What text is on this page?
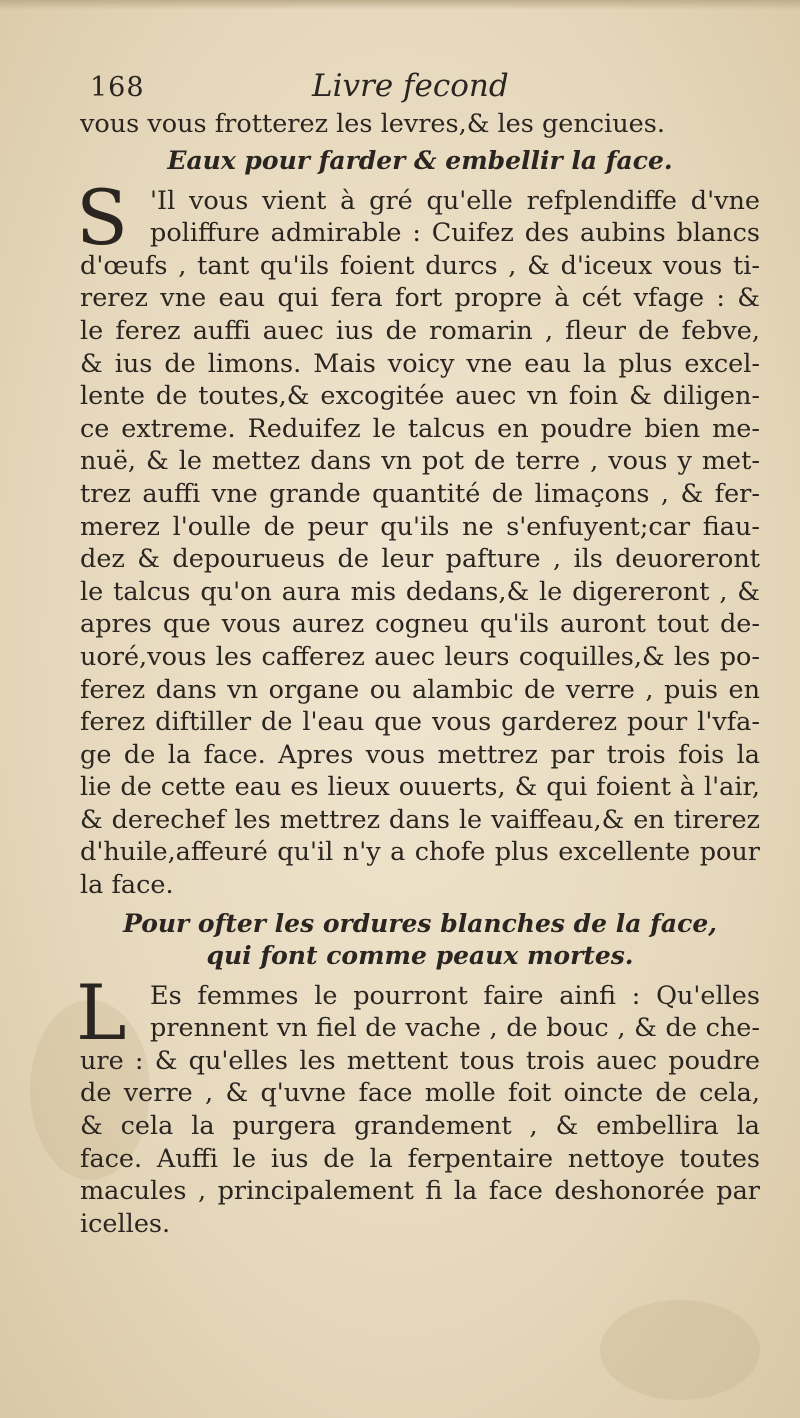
168	Livre fecond
vous vous frotterez les levres,& les genciues.
Eaux pour farder & embellir la face.
S 'Il vous vient à gré qu'elle refplendiffe d'vne
poliffure admirable : Cuifez des aubins blancs
d'œufs , tant qu'ils foient durcs , & d'iceux vous ti-
rerez vne eau qui fera fort propre à cét vfage : &
le ferez auffi auec ius de romarin , fleur de febve,
& ius de limons. Mais voicy vne eau la plus excel-
lente de toutes,& excogitée auec vn foin & diligen-
ce extreme. Reduifez le talcus en poudre bien me-
nuë, & le mettez dans vn pot de terre , vous y met-
trez auffi vne grande quantité de limaçons , & fer-
merez l'oulle de peur qu'ils ne s'enfuyent;car fiau-
dez & depourueus de leur pafture , ils deuoreront
le talcus qu'on aura mis dedans,& le digereront , &
apres que vous aurez cogneu qu'ils auront tout de-
uoré,vous les cafferez auec leurs coquilles,& les po-
ferez dans vn organe ou alambic de verre , puis en
ferez diftiller de l'eau que vous garderez pour l'vfa-
ge de la face. Apres vous mettrez par trois fois la
lie de cette eau es lieux ouuerts, & qui foient à l'air,
& derechef les mettrez dans le vaiffeau,& en tirerez
d'huile,affeuré qu'il n'y a chofe plus excellente pour
la face.
Pour ofter les ordures blanches de la face,
qui font comme peaux mortes.
L Es femmes le pourront faire ainfi : Qu'elles
prennent vn fiel de vache , de bouc , & de che-
ure : & qu'elles les mettent tous trois auec poudre
de verre , & q'uvne face molle foit oincte de cela,
& cela la purgera grandement , & embellira la
face. Auffi le ius de la ferpentaire nettoye toutes
macules , principalement fi la face deshonorée par
icelles.
